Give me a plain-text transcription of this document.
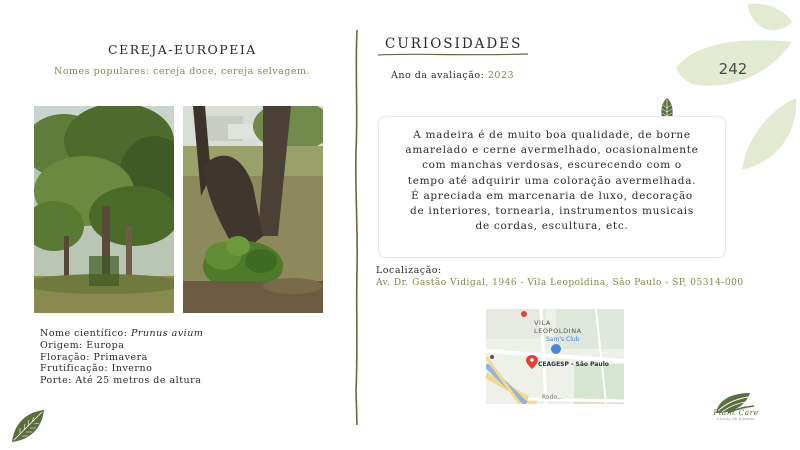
CEREJA-EUROPEIA
Nomes populares: cereja doce, cereja selvagem.
Nome científico: Prunus avium
Origem: Europa
Floração: Primavera
Frutificação: Inverno
Porte: Até 25 metros de altura
CURIOSIDADES
Ano da avaliação: 2023	242
A madeira é de muito boa qualidade, de borne amarelado e cerne avermelhado, ocasionalmente com manchas verdosas, escurecendo com o tempo até adquirir uma coloração avermelhada. É apreciada em marcenaria de luxo, decoração de interiores, tornearia, instrumentos musicais de cordas, escultura, etc.
Localização:
Av. Dr. Gastão Vidigal, 1946 - Vila Leopoldina, São Paulo - SP, 05314-000
VILA
LEOPOLDINA
Sam's Club
CEAGESP - São Paulo
Rodo...
Plant Care
escola de plantas
